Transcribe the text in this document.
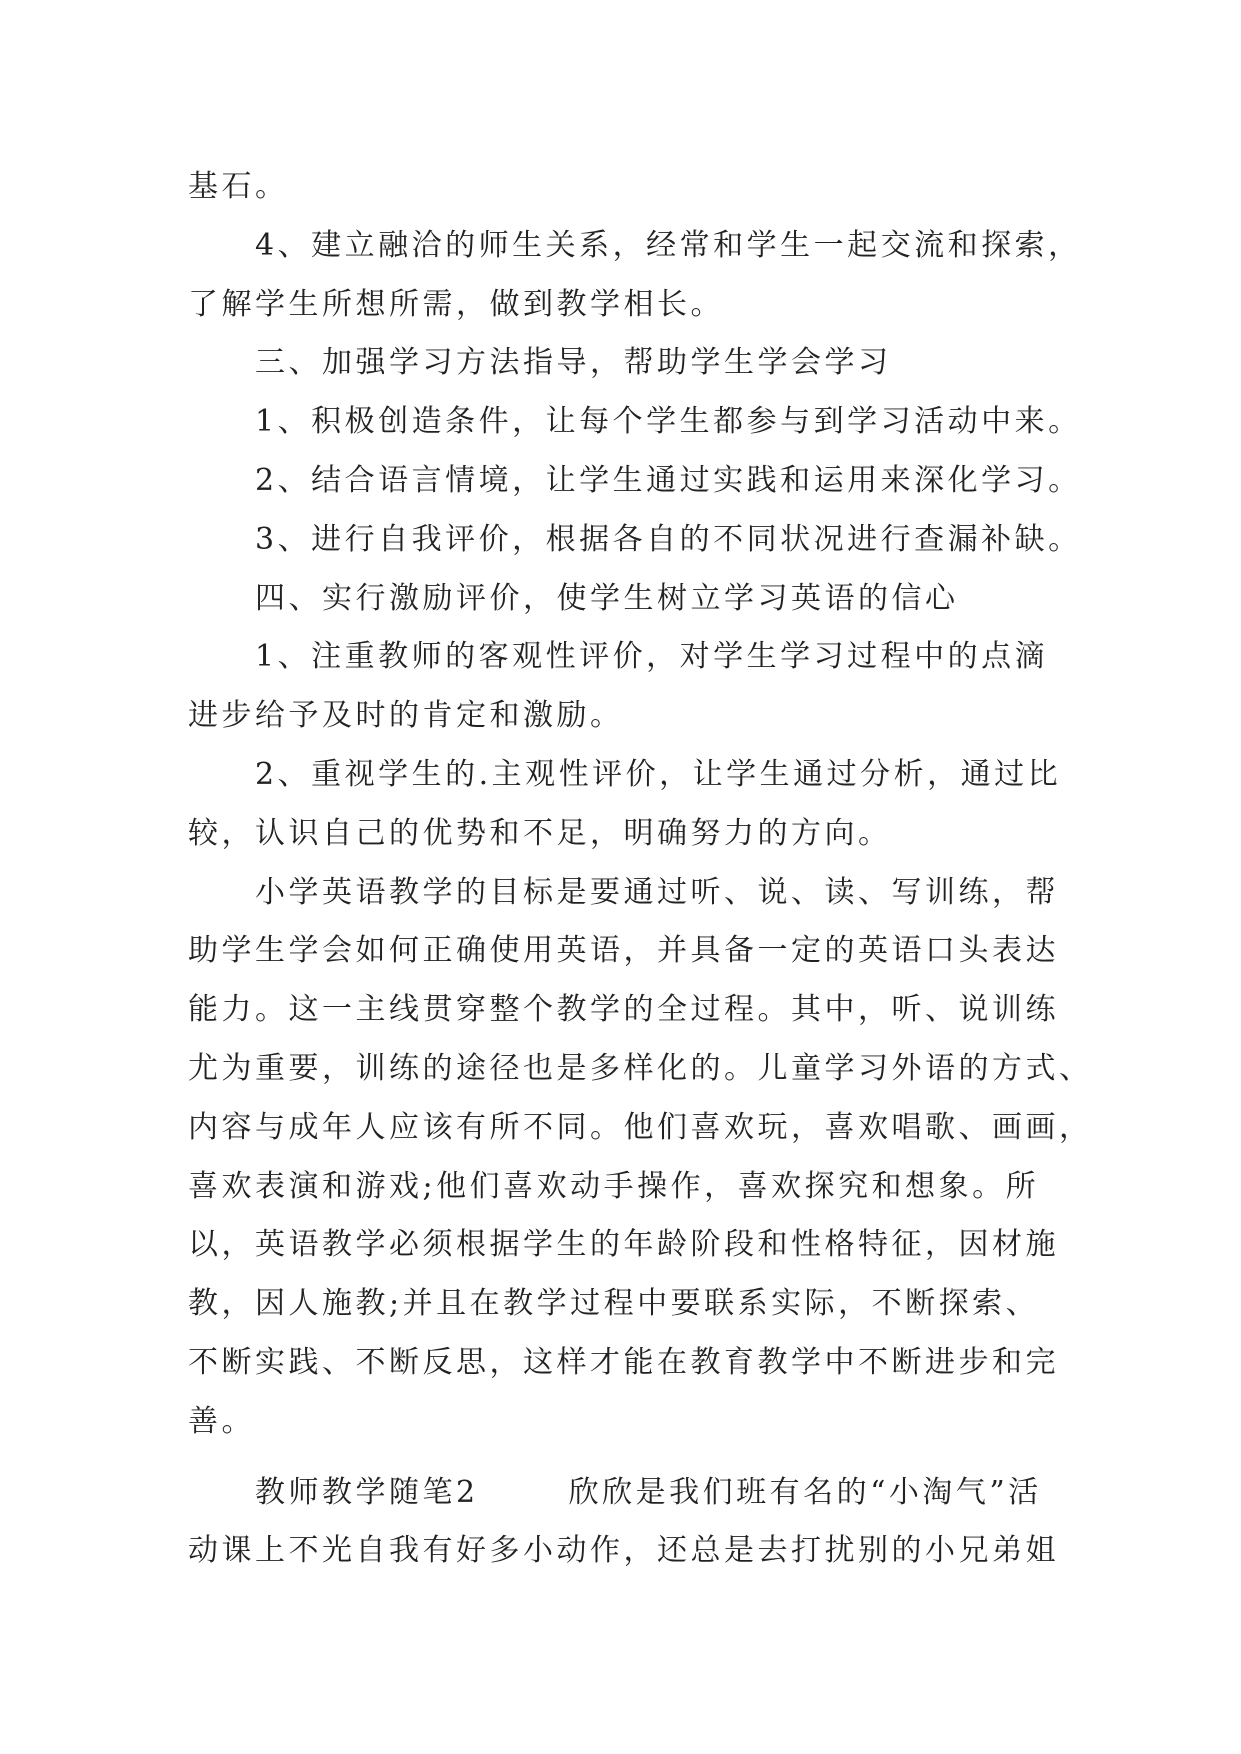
基石。

4、建立融洽的师生关系，经常和学生一起交流和探索，
了解学生所想所需，做到教学相长。

三、加强学习方法指导，帮助学生学会学习

1、积极创造条件，让每个学生都参与到学习活动中来。

2、结合语言情境，让学生通过实践和运用来深化学习。

3、进行自我评价，根据各自的不同状况进行查漏补缺。

四、实行激励评价，使学生树立学习英语的信心

1、注重教师的客观性评价，对学生学习过程中的点滴
进步给予及时的肯定和激励。

2、重视学生的.主观性评价，让学生通过分析，通过比
较，认识自己的优势和不足，明确努力的方向。

小学英语教学的目标是要通过听、说、读、写训练，帮
助学生学会如何正确使用英语，并具备一定的英语口头表达
能力。这一主线贯穿整个教学的全过程。其中，听、说训练
尤为重要，训练的途径也是多样化的。儿童学习外语的方式、
内容与成年人应该有所不同。他们喜欢玩，喜欢唱歌、画画，
喜欢表演和游戏;他们喜欢动手操作，喜欢探究和想象。所
以，英语教学必须根据学生的年龄阶段和性格特征，因材施
教，因人施教;并且在教学过程中要联系实际，不断探索、
不断实践、不断反思，这样才能在教育教学中不断进步和完
善。

教师教学随笔2	欣欣是我们班有名的“小淘气”活
动课上不光自我有好多小动作，还总是去打扰别的小兄弟姐
